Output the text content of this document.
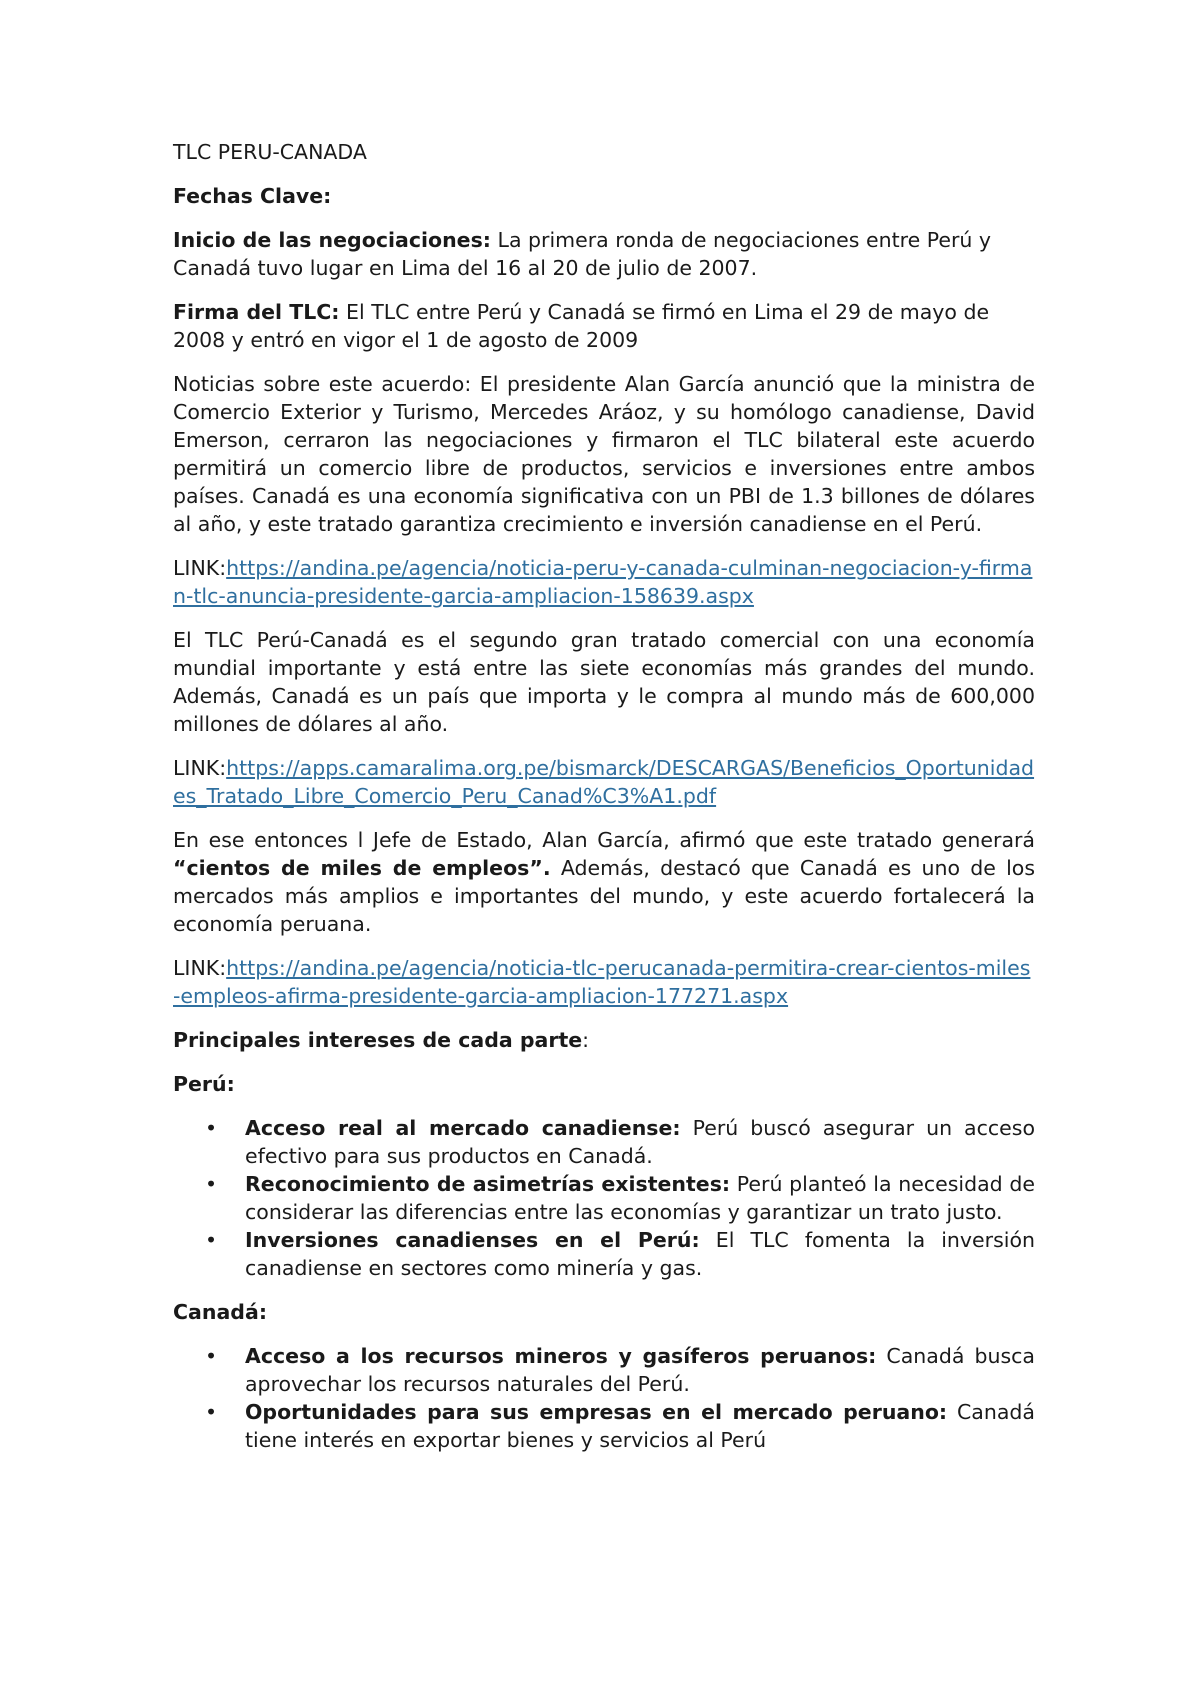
TLC PERU-CANADA

Fechas Clave:

Inicio de las negociaciones: La primera ronda de negociaciones entre Perú y Canadá tuvo lugar en Lima del 16 al 20 de julio de 2007.

Firma del TLC: El TLC entre Perú y Canadá se firmó en Lima el 29 de mayo de 2008 y entró en vigor el 1 de agosto de 2009

Noticias sobre este acuerdo: El presidente Alan García anunció que la ministra de Comercio Exterior y Turismo, Mercedes Aráoz, y su homólogo canadiense, David Emerson, cerraron las negociaciones y firmaron el TLC bilateral este acuerdo permitirá un comercio libre de productos, servicios e inversiones entre ambos países. Canadá es una economía significativa con un PBI de 1.3 billones de dólares al año, y este tratado garantiza crecimiento e inversión canadiense en el Perú.

LINK:https://andina.pe/agencia/noticia-peru-y-canada-culminan-negociacion-y-firman-tlc-anuncia-presidente-garcia-ampliacion-158639.aspx

El TLC Perú-Canadá es el segundo gran tratado comercial con una economía mundial importante y está entre las siete economías más grandes del mundo. Además, Canadá es un país que importa y le compra al mundo más de 600,000 millones de dólares al año.

LINK:https://apps.camaralima.org.pe/bismarck/DESCARGAS/Beneficios_Oportunidades_Tratado_Libre_Comercio_Peru_Canad%C3%A1.pdf

En ese entonces l Jefe de Estado, Alan García, afirmó que este tratado generará “cientos de miles de empleos”. Además, destacó que Canadá es uno de los mercados más amplios e importantes del mundo, y este acuerdo fortalecerá la economía peruana.

LINK:https://andina.pe/agencia/noticia-tlc-perucanada-permitira-crear-cientos-miles-empleos-afirma-presidente-garcia-ampliacion-177271.aspx

Principales intereses de cada parte:

Perú:

• Acceso real al mercado canadiense: Perú buscó asegurar un acceso efectivo para sus productos en Canadá.
• Reconocimiento de asimetrías existentes: Perú planteó la necesidad de considerar las diferencias entre las economías y garantizar un trato justo.
• Inversiones canadienses en el Perú: El TLC fomenta la inversión canadiense en sectores como minería y gas.

Canadá:

• Acceso a los recursos mineros y gasíferos peruanos: Canadá busca aprovechar los recursos naturales del Perú.
• Oportunidades para sus empresas en el mercado peruano: Canadá tiene interés en exportar bienes y servicios al Perú
